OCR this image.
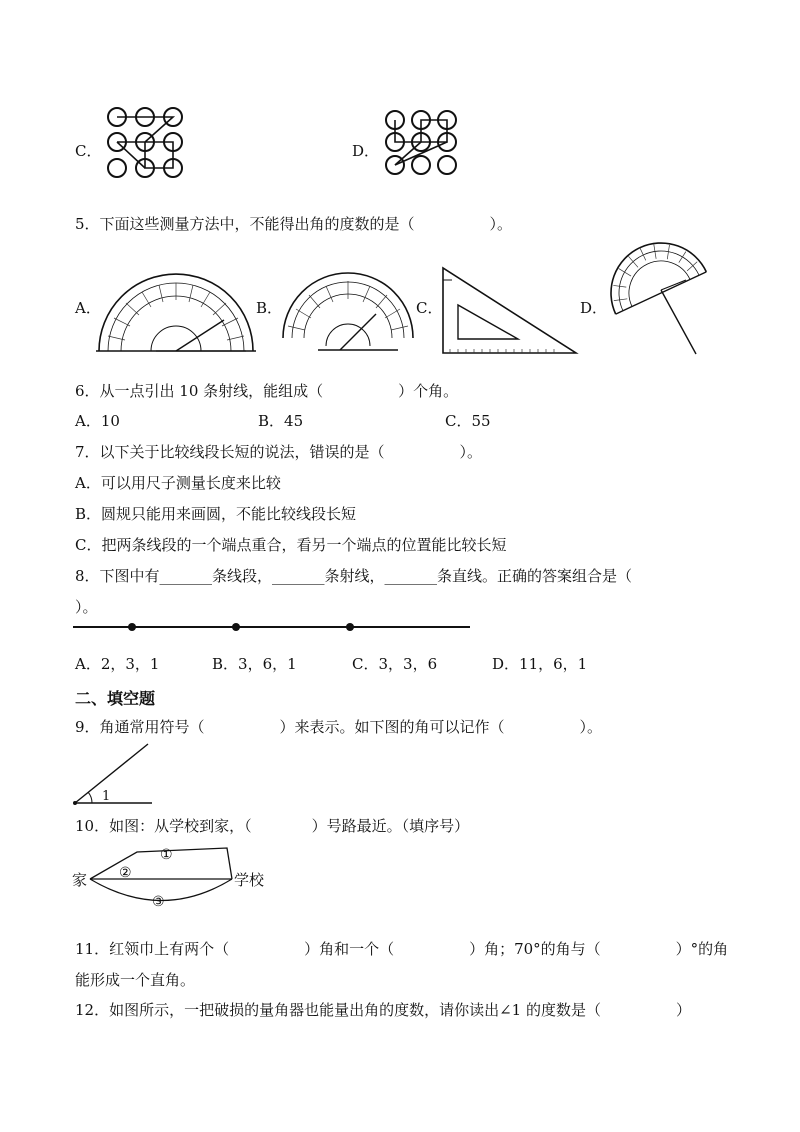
C．	D．
5．下面这些测量方法中，不能得出角的度数的是（　　　　　）。
A．	B．	C．	D．
6．从一点引出 10 条射线，能组成（　　　　　）个角。
A．10	B．45	C．55
7．以下关于比较线段长短的说法，错误的是（　　　　　）。
A．可以用尺子测量长度来比较
B．圆规只能用来画圆，不能比较线段长短
C．把两条线段的一个端点重合，看另一个端点的位置能比较长短
8．下图中有_______条线段，_______条射线，_______条直线。正确的答案组合是（
）。
A．2，3，1	B．3，6，1	C．3，3，6	D．11，6，1
二、填空题
9．角通常用符号（　　　　　）来表示。如下图的角可以记作（　　　　　）。
1
10．如图：从学校到家，（　　　　）号路最近。（填序号）
家	学校
①
②
③
11．红领巾上有两个（　　　　　）角和一个（　　　　　）角；70°的角与（　　　　　）°的角
能形成一个直角。
12．如图所示，一把破损的量角器也能量出角的度数，请你读出∠1 的度数是（　　　　　）
